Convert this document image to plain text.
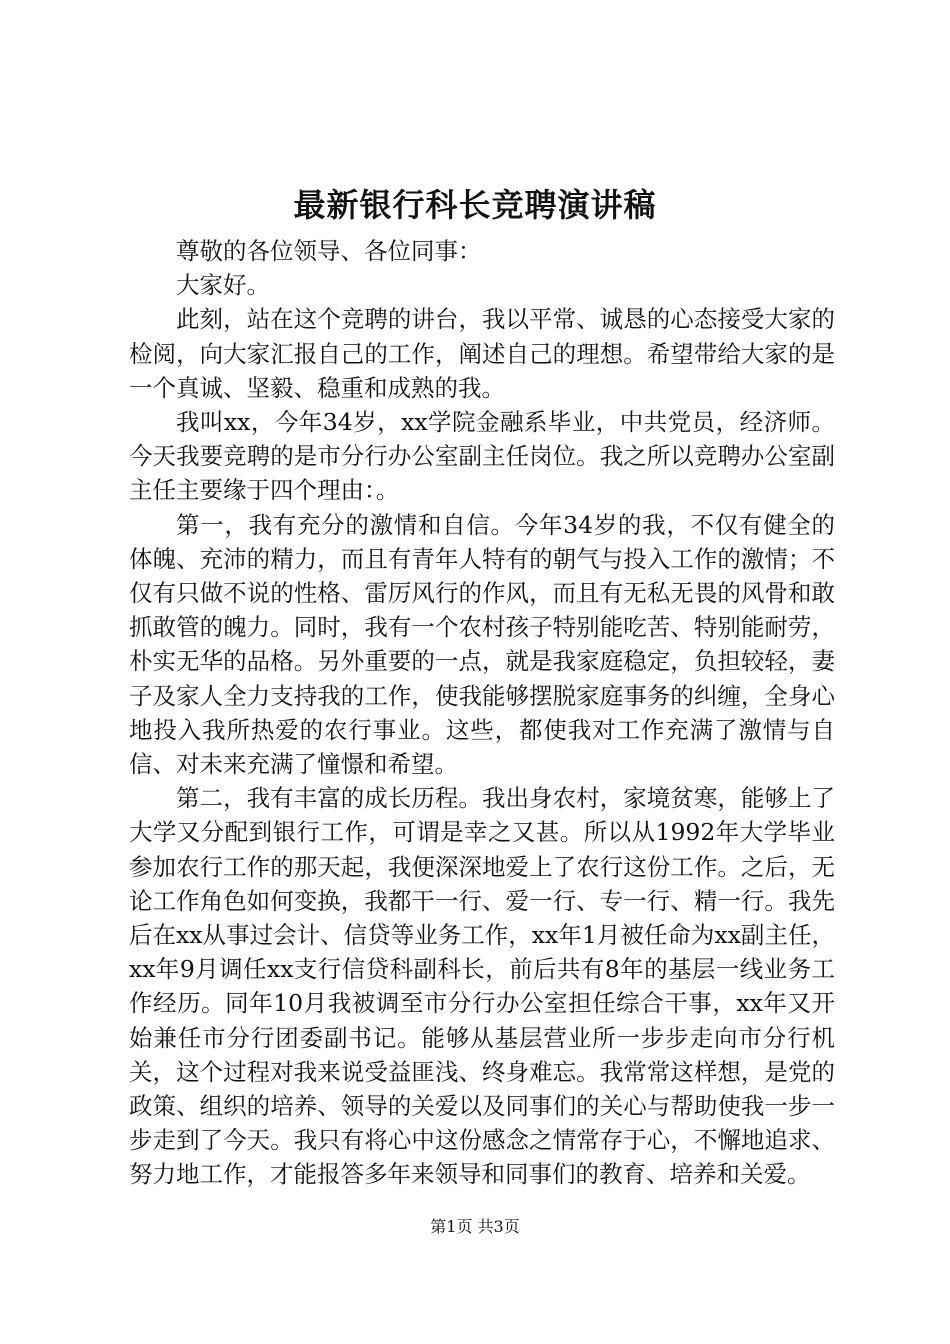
最新银行科长竞聘演讲稿

尊敬的各位领导、各位同事：

大家好。

此刻，站在这个竞聘的讲台，我以平常、诚恳的心态接受大家的检阅，向大家汇报自己的工作，阐述自己的理想。希望带给大家的是一个真诚、坚毅、稳重和成熟的我。

我叫xx，今年34岁，xx学院金融系毕业，中共党员，经济师。今天我要竞聘的是市分行办公室副主任岗位。我之所以竞聘办公室副主任主要缘于四个理由：。

第一，我有充分的激情和自信。今年34岁的我，不仅有健全的体魄、充沛的精力，而且有青年人特有的朝气与投入工作的激情；不仅有只做不说的性格、雷厉风行的作风，而且有无私无畏的风骨和敢抓敢管的魄力。同时，我有一个农村孩子特别能吃苦、特别能耐劳，朴实无华的品格。另外重要的一点，就是我家庭稳定，负担较轻，妻子及家人全力支持我的工作，使我能够摆脱家庭事务的纠缠，全身心地投入我所热爱的农行事业。这些，都使我对工作充满了激情与自信、对未来充满了憧憬和希望。

第二，我有丰富的成长历程。我出身农村，家境贫寒，能够上了大学又分配到银行工作，可谓是幸之又甚。所以从1992年大学毕业参加农行工作的那天起，我便深深地爱上了农行这份工作。之后，无论工作角色如何变换，我都干一行、爱一行、专一行、精一行。我先后在xx从事过会计、信贷等业务工作，xx年1月被任命为xx副主任，xx年9月调任xx支行信贷科副科长，前后共有8年的基层一线业务工作经历。同年10月我被调至市分行办公室担任综合干事，xx年又开始兼任市分行团委副书记。能够从基层营业所一步步走向市分行机关，这个过程对我来说受益匪浅、终身难忘。我常常这样想，是党的政策、组织的培养、领导的关爱以及同事们的关心与帮助使我一步一步走到了今天。我只有将心中这份感念之情常存于心，不懈地追求、努力地工作，才能报答多年来领导和同事们的教育、培养和关爱。

第1页 共3页
